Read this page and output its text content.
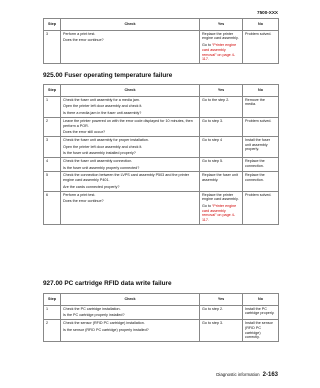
7500-XXX
Step	Check	Yes	No
3	Perform a print test.
Does the error continue?	Replace the printer engine card assembly.
Go to “Printer engine card assembly removal” on page 4-117.	Problem solved.
925.00 Fuser operating temperature failure
Step	Check	Yes	No
1	Check the fuser unit assembly for a media jam.
Open the printer left door assembly and check it.
Is there a media jam in the fuser unit assembly?	Go to the step 2.	Remove the media.
2	Leave the printer powered on with the error code displayed for 10 minutes, then perform a POR.
Does the error still occur?	Go to step 3.	Problem solved.
3	Check the fuser unit assembly for proper installation.
Open the printer left door assembly and check it.
Is the fuser unit assembly installed properly?	Go to step 4	Install the fuser unit assembly properly.
4	Check the fuser unit assembly connection.
Is the fuser unit assembly properly connected?	Go to step 5.	Replace the connection.
5	Check the connection between the LVPS card assembly P503 and the printer engine card assembly P401.
Are the cards connected properly?	Replace the fuser unit assembly.	Replace the connection.
6	Perform a print test.
Does the error continue?	Replace the printer engine card assembly.
Go to “Printer engine card assembly removal” on page 4-117.	Problem solved.
927.00 PC cartridge RFID data write failure
Step	Check	Yes	No
1	Check the PC cartridge installation.
Is the PC cartridge properly installed?	Go to step 2.	Install the PC cartridge properly.
2	Check the sensor (RFID PC cartridge) installation.
Is the sensor (RFID PC cartridge) properly installed?	Go to step 3.	Install the sensor (RFID PC cartridge) correctly.
Diagnostic information 2-163
